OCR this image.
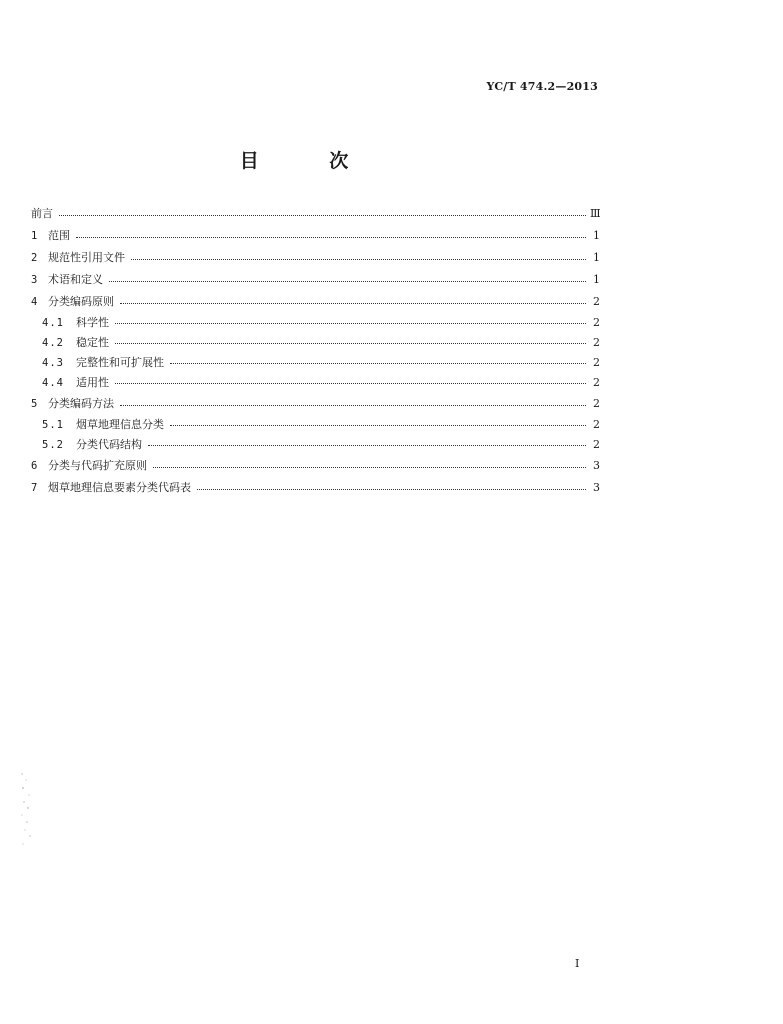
YC/T 474.2—2013
目 次
前言	Ⅲ
1 范围	1
2 规范性引用文件	1
3 术语和定义	1
4 分类编码原则	2
4.1	科学性	2
4.2	稳定性	2
4.3	完整性和可扩展性	2
4.4	适用性	2
5 分类编码方法	2
5.1	烟草地理信息分类	2
5.2	分类代码结构	2
6 分类与代码扩充原则	3
7 烟草地理信息要素分类代码表	3
I
